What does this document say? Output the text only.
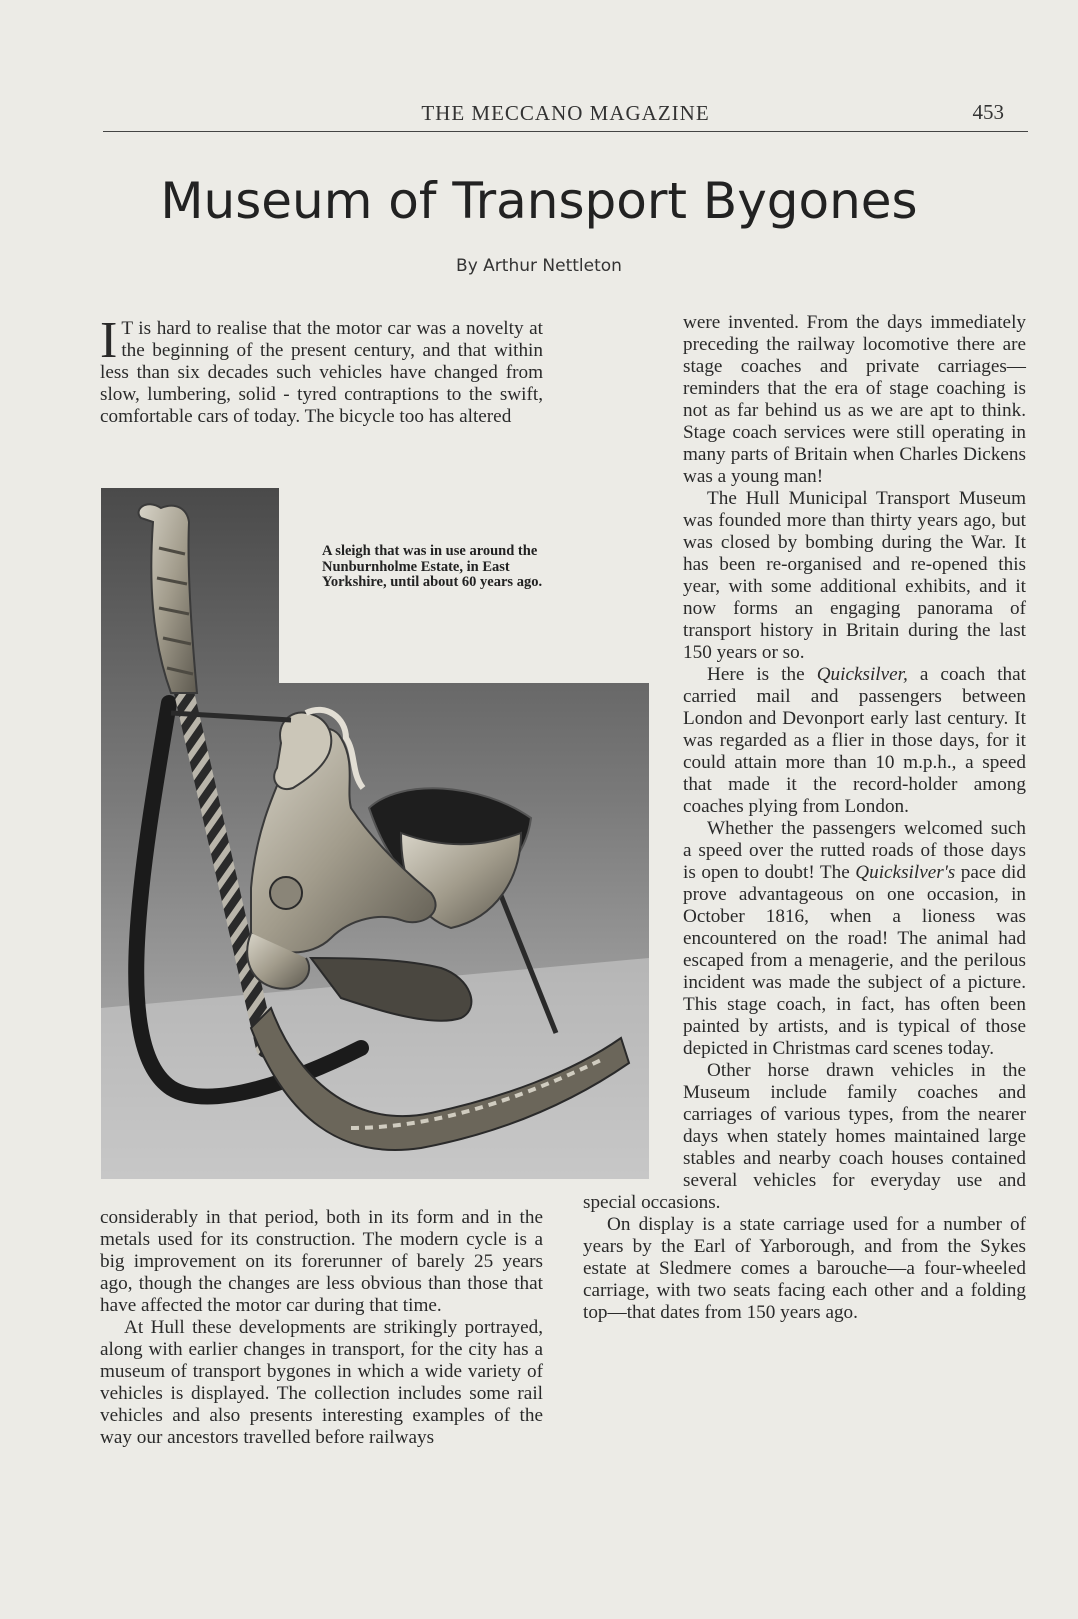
THE MECCANO MAGAZINE	453
Museum of Transport Bygones
By Arthur Nettleton
A sleigh that was in use around the Nunburnholme Estate, in East Yorkshire, until about 60 years ago.

I T is hard to realise that the motor car was a novelty at the beginning of the present century, and that within less than six decades such vehicles have changed from slow, lumbering, solid - tyred contraptions to the swift, comfortable cars of today. The bicycle too has altered

considerably in that period, both in its form and in the metals used for its construction. The modern cycle is a big improvement on its forerunner of barely 25 years ago, though the changes are less obvious than those that have affected the motor car during that time.

At Hull these developments are strikingly portrayed, along with earlier changes in transport, for the city has a museum of transport bygones in which a wide variety of vehicles is displayed. The collection includes some rail vehicles and also presents interesting examples of the way our ancestors travelled before railways

were invented. From the days immediately preceding the railway locomotive there are stage coaches and private carriages— reminders that the era of stage coaching is not as far behind us as we are apt to think. Stage coach services were still operating in many parts of Britain when Charles Dickens was a young man!

The Hull Municipal Transport Museum was founded more than thirty years ago, but was closed by bombing during the War. It has been re-organised and re-opened this year, with some additional exhibits, and it now forms an engaging panorama of transport history in Britain during the last 150 years or so.

Here is the Quicksilver, a coach that carried mail and passengers between London and Devonport early last century. It was regarded as a flier in those days, for it could attain more than 10 m.p.h., a speed that made it the record-holder among coaches plying from London.

Whether the passengers welcomed such a speed over the rutted roads of those days is open to doubt! The Quicksilver's pace did prove advantageous on one occasion, in October 1816, when a lioness was encountered on the road! The animal had escaped from a menagerie, and the perilous incident was made the subject of a picture. This stage coach, in fact, has often been painted by artists, and is typical of those depicted in Christmas card scenes today.

Other horse drawn vehicles in the Museum include family coaches and carriages of various types, from the nearer days when stately homes maintained large stables and nearby coach houses contained several vehicles for everyday use and special occasions.

On display is a state carriage used for a number of years by the Earl of Yarborough, and from the Sykes estate at Sledmere comes a barouche—a four-wheeled carriage, with two seats facing each other and a folding top—that dates from 150 years ago.
